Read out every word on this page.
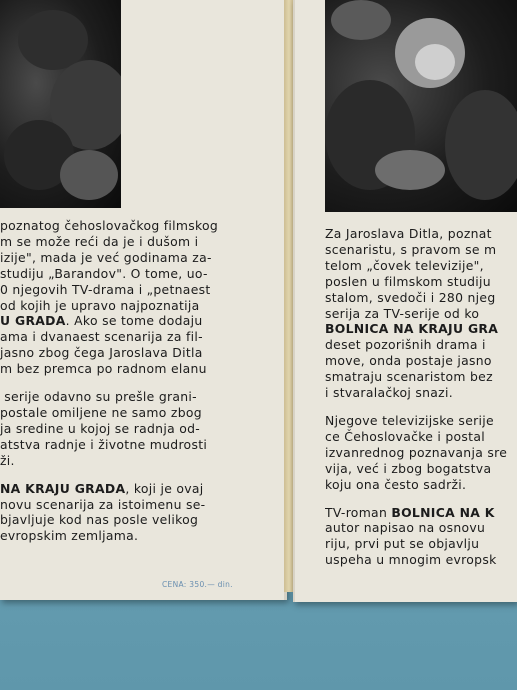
poznatog čehoslovačkog filmskog
m se može reći da je i dušom i
izije", mada je već godinama za-
studiju „Barandov". O tome, uo-
0 njegovih TV-drama i „petnaest
od kojih je upravo najpoznatija
U GRADA. Ako se tome dodaju
ama i dvanaest scenarija za fil-
jasno zbog čega Jaroslava Ditla
m bez premca po radnom elanu

serije odavno su prešle grani-
postale omiljene ne samo zbog
ja sredine u kojoj se radnja od-
atstva radnje i životne mudrosti
ži.

NA KRAJU GRADA, koji je ovaj
novu scenarija za istoimenu se-
bjavljuje kod nas posle velikog
evropskim zemljama.

CENA: 350.— din.

Za Jaroslava Ditla, poznat
scenaristu, s pravom se m
telom „čovek televizije",
poslen u filmskom studiju
stalom, svedoči i 280 njeg
serija za TV-serije od ko
BOLNICA NA KRAJU GRA
deset pozorišnih drama i
move, onda postaje jasno
smatraju scenaristom bez
i stvaralačkoj snazi.

Njegove televizijske serije
ce Čehoslovačke i postal
izvanrednog poznavanja sre
vija, već i zbog bogatstva
koju ona često sadrži.

TV-roman BOLNICA NA K
autor napisao na osnovu
riju, prvi put se objavlju
uspeha u mnogim evropsk
